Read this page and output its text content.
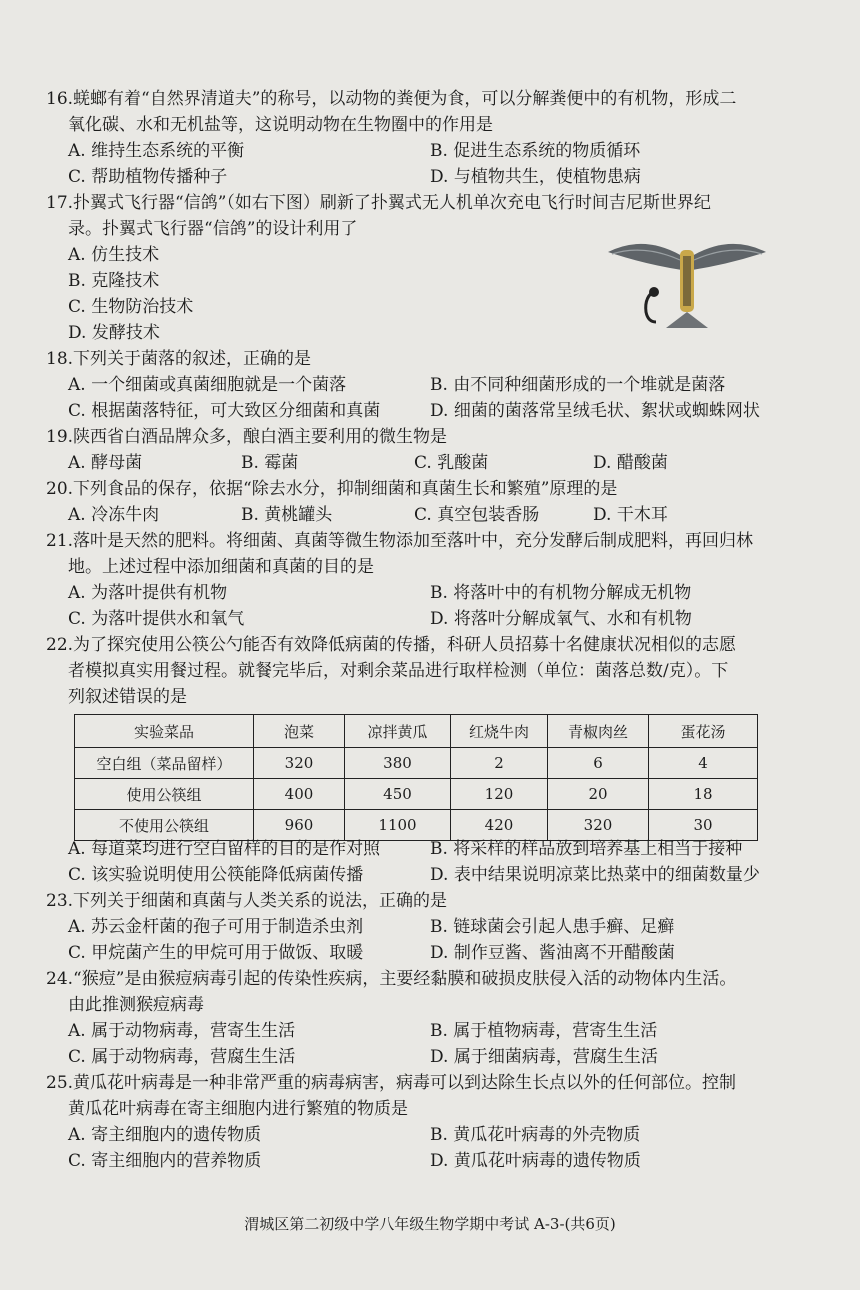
16.蜣螂有着“自然界清道夫”的称号，以动物的粪便为食，可以分解粪便中的有机物，形成二
氧化碳、水和无机盐等，这说明动物在生物圈中的作用是
A. 维持生态系统的平衡	B. 促进生态系统的物质循环
C. 帮助植物传播种子	D. 与植物共生，使植物患病
17.扑翼式飞行器“信鸽”（如右下图）刷新了扑翼式无人机单次充电飞行时间吉尼斯世界纪
录。扑翼式飞行器“信鸽”的设计利用了
A. 仿生技术
B. 克隆技术
C. 生物防治技术
D. 发酵技术
18.下列关于菌落的叙述，正确的是
A. 一个细菌或真菌细胞就是一个菌落	B. 由不同种细菌形成的一个堆就是菌落
C. 根据菌落特征，可大致区分细菌和真菌	D. 细菌的菌落常呈绒毛状、絮状或蜘蛛网状
19.陕西省白酒品牌众多，酿白酒主要利用的微生物是
A. 酵母菌	B. 霉菌	C. 乳酸菌	D. 醋酸菌
20.下列食品的保存，依据“除去水分，抑制细菌和真菌生长和繁殖”原理的是
A. 冷冻牛肉	B. 黄桃罐头	C. 真空包装香肠	D. 干木耳
21.落叶是天然的肥料。将细菌、真菌等微生物添加至落叶中，充分发酵后制成肥料，再回归林
地。上述过程中添加细菌和真菌的目的是
A. 为落叶提供有机物	B. 将落叶中的有机物分解成无机物
C. 为落叶提供水和氧气	D. 将落叶分解成氧气、水和有机物
22.为了探究使用公筷公勺能否有效降低病菌的传播，科研人员招募十名健康状况相似的志愿
者模拟真实用餐过程。就餐完毕后，对剩余菜品进行取样检测（单位：菌落总数/克）。下
列叙述错误的是
实验菜品	泡菜	凉拌黄瓜	红烧牛肉	青椒肉丝	蛋花汤
空白组（菜品留样）	320	380	2	6	4
使用公筷组	400	450	120	20	18
不使用公筷组	960	1100	420	320	30
A. 每道菜均进行空白留样的目的是作对照	B. 将采样的样品放到培养基上相当于接种
C. 该实验说明使用公筷能降低病菌传播	D. 表中结果说明凉菜比热菜中的细菌数量少
23.下列关于细菌和真菌与人类关系的说法，正确的是
A. 苏云金杆菌的孢子可用于制造杀虫剂	B. 链球菌会引起人患手癣、足癣
C. 甲烷菌产生的甲烷可用于做饭、取暖	D. 制作豆酱、酱油离不开醋酸菌
24.“猴痘”是由猴痘病毒引起的传染性疾病，主要经黏膜和破损皮肤侵入活的动物体内生活。
由此推测猴痘病毒
A. 属于动物病毒，营寄生生活	B. 属于植物病毒，营寄生生活
C. 属于动物病毒，营腐生生活	D. 属于细菌病毒，营腐生生活
25.黄瓜花叶病毒是一种非常严重的病毒病害，病毒可以到达除生长点以外的任何部位。控制
黄瓜花叶病毒在寄主细胞内进行繁殖的物质是
A. 寄主细胞内的遗传物质	B. 黄瓜花叶病毒的外壳物质
C. 寄主细胞内的营养物质	D. 黄瓜花叶病毒的遗传物质
渭城区第二初级中学八年级生物学期中考试 A-3-(共6页)
